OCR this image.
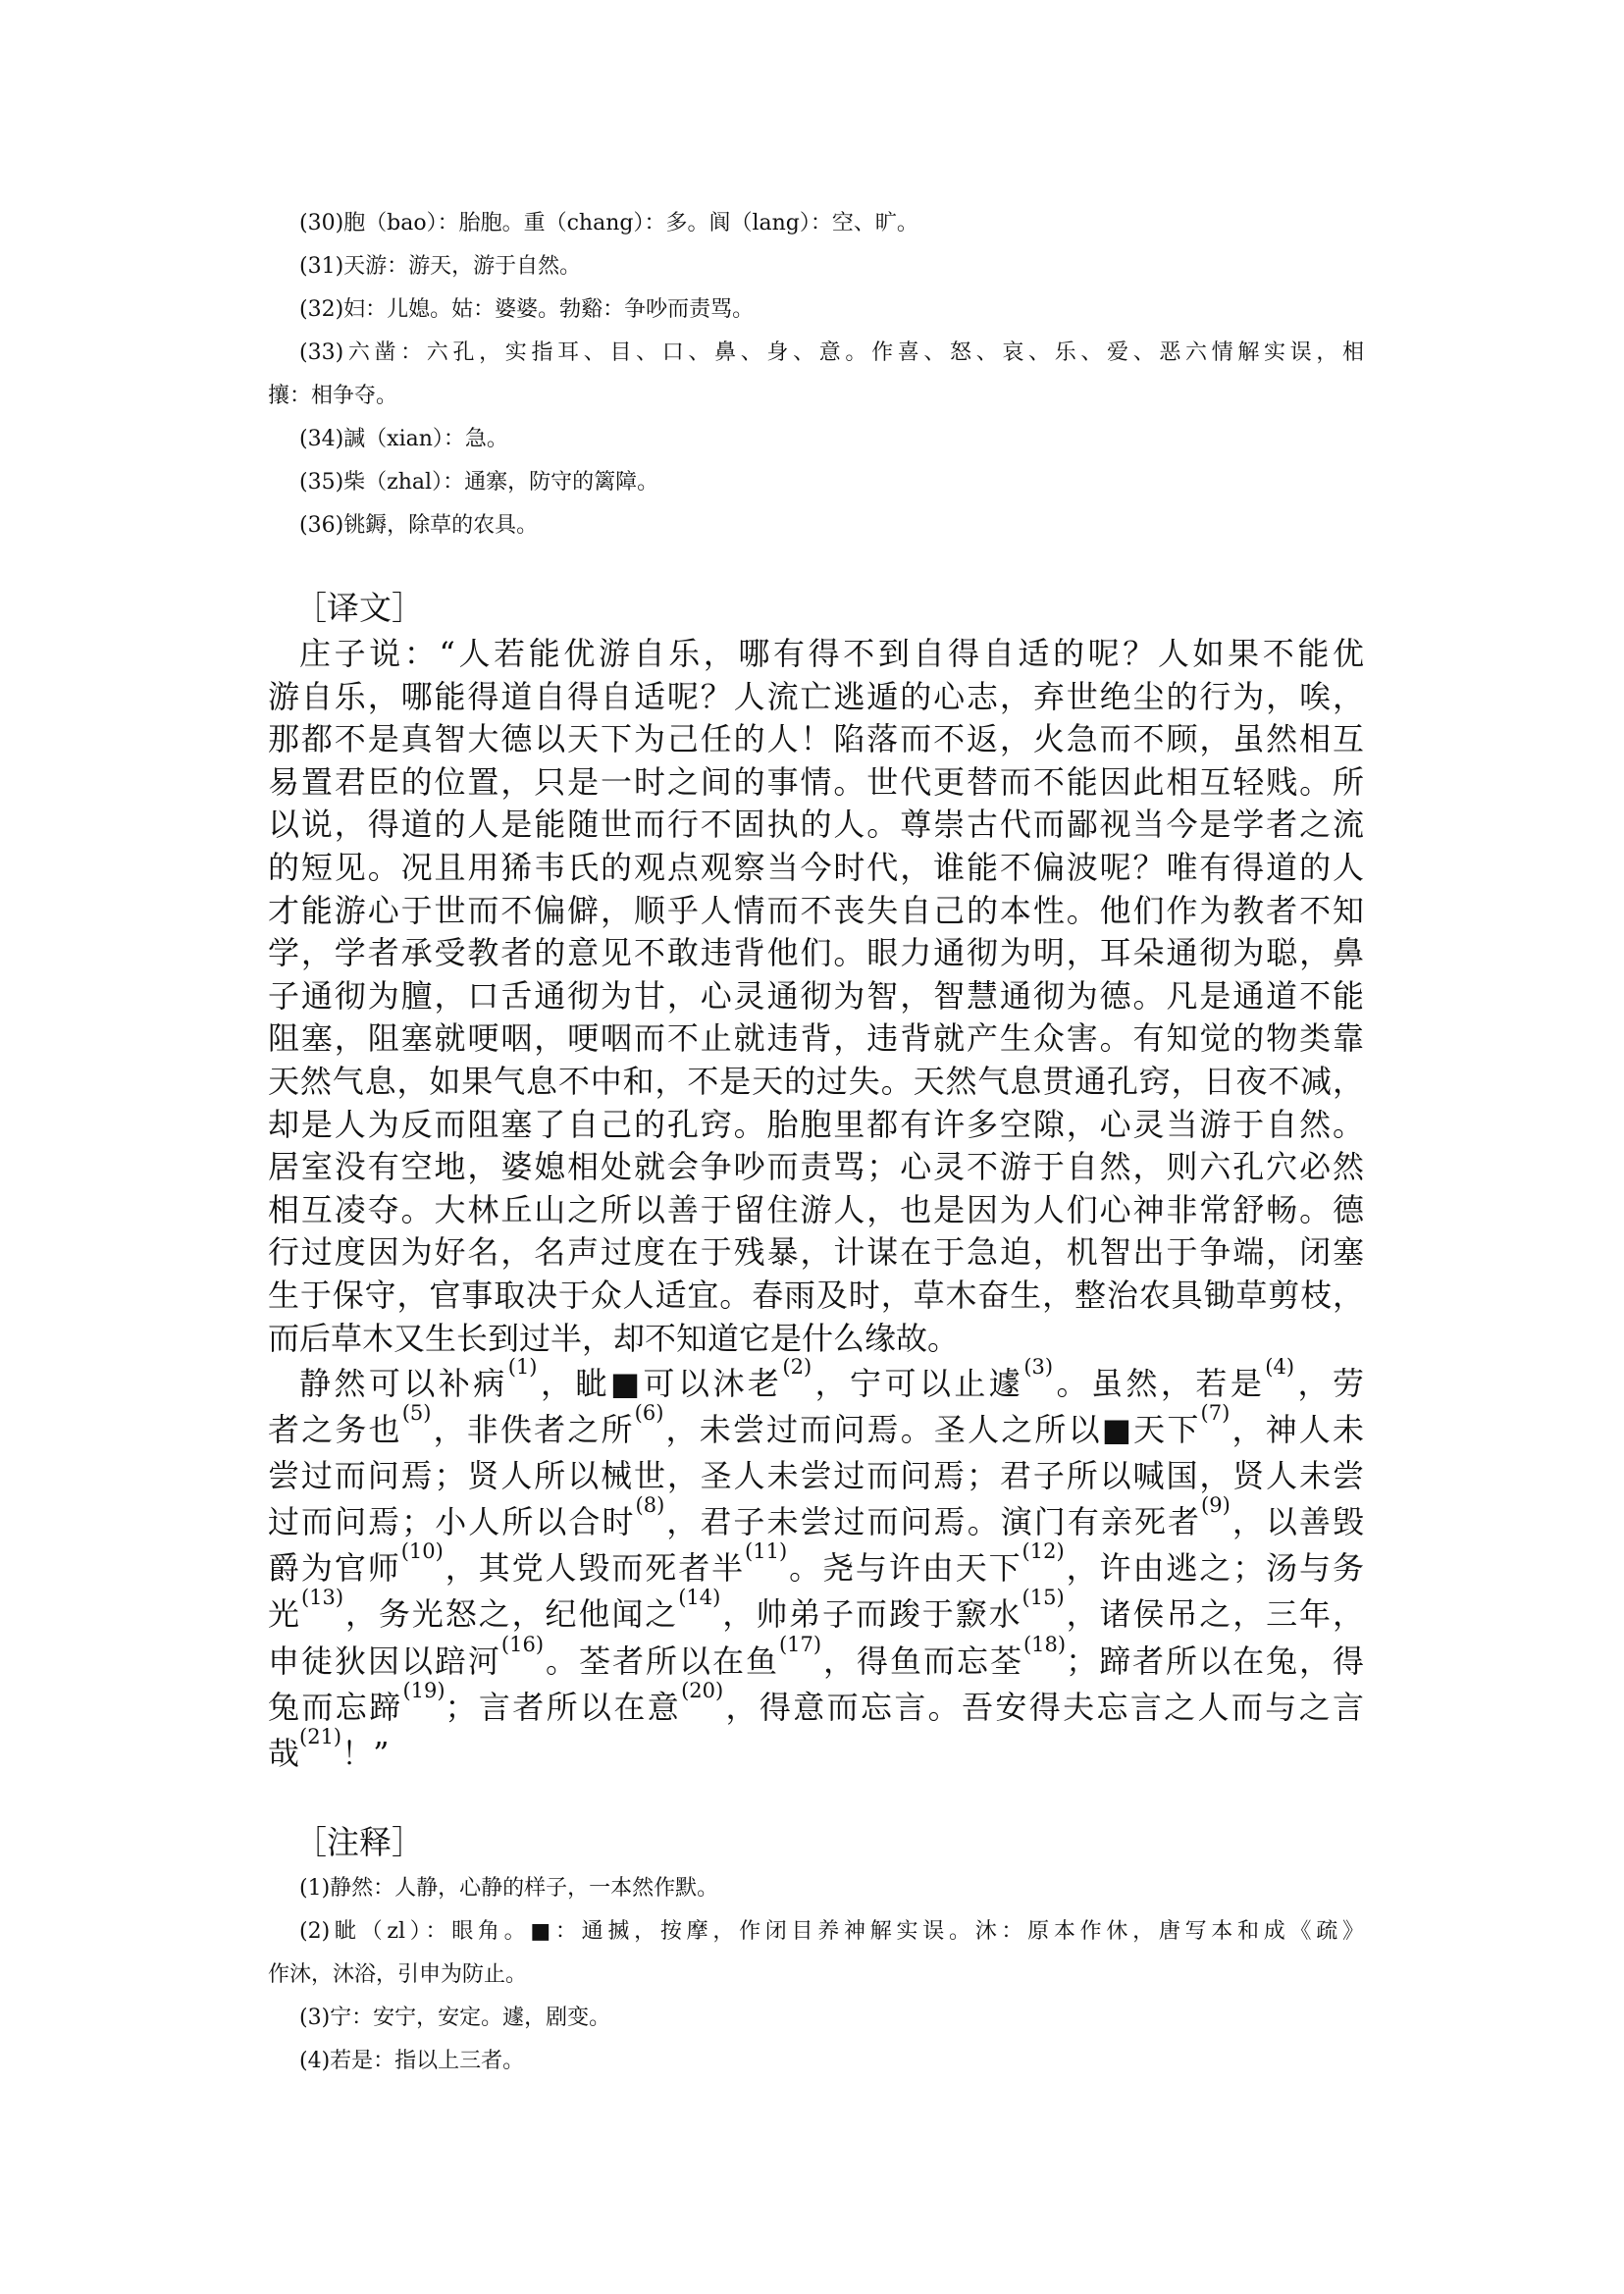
(30)胞（bao）：胎胞。重（chang）：多。阆（lang）：空、旷。
(31)天游：游天，游于自然。
(32)妇：儿媳。姑：婆婆。勃谿：争吵而责骂。
(33)六凿：六孔，实指耳、目、口、鼻、身、意。作喜、怒、哀、乐、爱、恶六情解实误，相
攘：相争夺。
(34)諴（xian）：急。
(35)柴（zhal）：通寨，防守的篱障。
(36)铫鎒，除草的农具。
［译文］
庄子说：“人若能优游自乐，哪有得不到自得自适的呢？人如果不能优
游自乐，哪能得道自得自适呢？人流亡逃遁的心志，弃世绝尘的行为，唉，
那都不是真智大德以天下为己任的人！陷落而不返，火急而不顾，虽然相互
易置君臣的位置，只是一时之间的事情。世代更替而不能因此相互轻贱。所
以说，得道的人是能随世而行不固执的人。尊崇古代而鄙视当今是学者之流
的短见。况且用狶韦氏的观点观察当今时代，谁能不偏波呢？唯有得道的人
才能游心于世而不偏僻，顺乎人情而不丧失自己的本性。他们作为教者不知
学，学者承受教者的意见不敢违背他们。眼力通彻为明，耳朵通彻为聪，鼻
子通彻为膻，口舌通彻为甘，心灵通彻为智，智慧通彻为德。凡是通道不能
阻塞，阻塞就哽咽，哽咽而不止就违背，违背就产生众害。有知觉的物类靠
天然气息，如果气息不中和，不是天的过失。天然气息贯通孔窍，日夜不减，
却是人为反而阻塞了自己的孔窍。胎胞里都有许多空隙，心灵当游于自然。
居室没有空地，婆媳相处就会争吵而责骂；心灵不游于自然，则六孔穴必然
相互凌夺。大林丘山之所以善于留住游人，也是因为人们心神非常舒畅。德
行过度因为好名，名声过度在于残暴，计谋在于急迫，机智出于争端，闭塞
生于保守，官事取决于众人适宜。春雨及时，草木奋生，整治农具锄草剪枝，
而后草木又生长到过半，却不知道它是什么缘故。
静然可以补病$^{(1)}$，眦■可以沐老$^{(2)}$，宁可以止遽$^{(3)}$。虽然，若是$^{(4)}$，劳
者之务也$^{(5)}$，非佚者之所$^{(6)}$，未尝过而问焉。圣人之所以■天下$^{(7)}$，神人未
尝过而问焉；贤人所以械世，圣人未尝过而问焉；君子所以喊国，贤人未尝
过而问焉；小人所以合时$^{(8)}$，君子未尝过而问焉。演门有亲死者$^{(9)}$，以善毁
爵为官师$^{(10)}$，其党人毁而死者半$^{(11)}$。尧与许由天下$^{(12)}$，许由逃之；汤与务
光$^{(13)}$，务光怒之，纪他闻之$^{(14)}$，帅弟子而踆于窾水$^{(15)}$，诸侯吊之，三年，
申徒狄因以踣河$^{(16)}$。荃者所以在鱼$^{(17)}$，得鱼而忘荃$^{(18)}$；蹄者所以在兔，得
兔而忘蹄$^{(19)}$；言者所以在意$^{(20)}$，得意而忘言。吾安得夫忘言之人而与之言
哉$^{(21)}$！”
［注释］
(1)静然：人静，心静的样子，一本然作默。
(2)眦（zl）：眼角。■：通搣，按摩，作闭目养神解实误。沐：原本作休，唐写本和成《疏》
作沐，沐浴，引申为防止。
(3)宁：安宁，安定。遽，剧变。
(4)若是：指以上三者。
